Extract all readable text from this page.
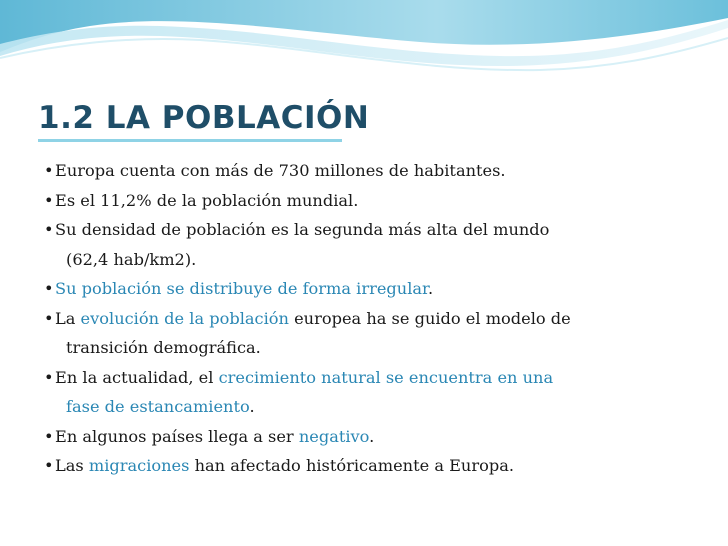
1.2 LA POBLACIÓN
• Europa cuenta con más de 730 millones de habitantes.
• Es el 11,2% de la población mundial.
• Su densidad de población es la segunda más alta del mundo
(62,4 hab/km2).
• Su población se distribuye de forma irregular.
• La evolución de la población europea ha se guido el modelo de
transición demográfica.
• En la actualidad, el crecimiento natural se encuentra en una
fase de estancamiento.
• En algunos países llega a ser negativo.
• Las migraciones han afectado históricamente a Europa.
